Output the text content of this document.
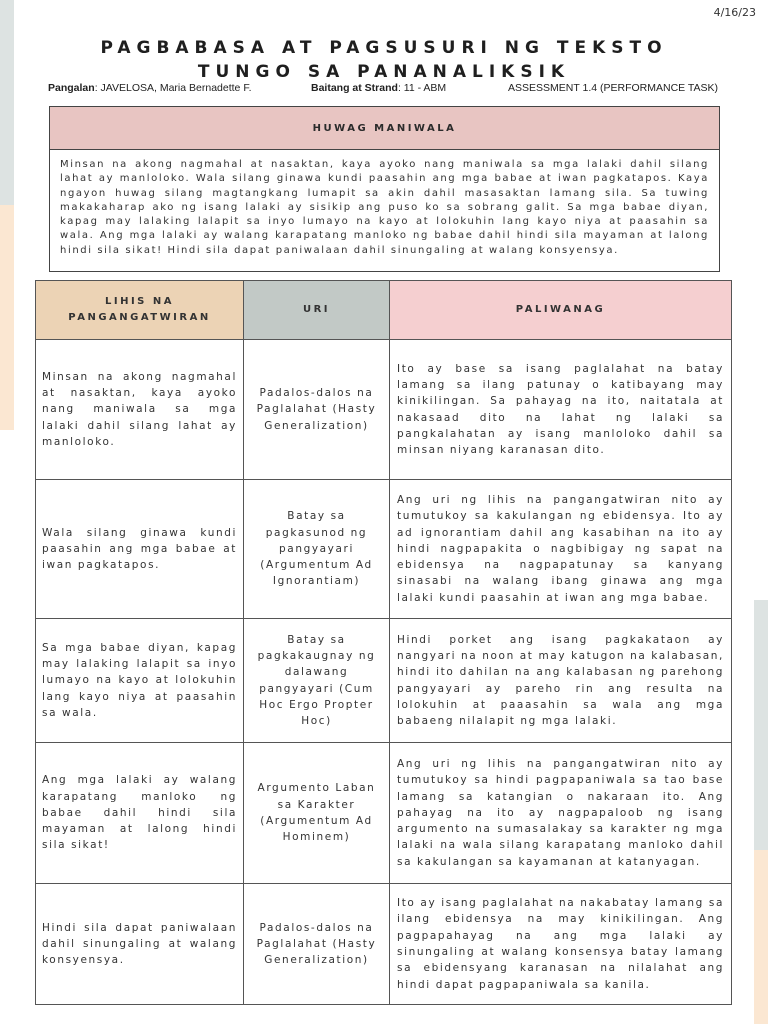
4/16/23
PAGBABASA AT PAGSUSURI NG TEKSTO
TUNGO SA PANANALIKSIK
Pangalan: JAVELOSA, Maria Bernadette F.	Baitang at Strand: 11 - ABM	ASSESSMENT 1.4 (PERFORMANCE TASK)
HUWAG MANIWALA
Minsan na akong nagmahal at nasaktan, kaya ayoko nang maniwala sa mga lalaki dahil silang lahat ay manloloko. Wala silang ginawa kundi paasahin ang mga babae at iwan pagkatapos. Kaya ngayon huwag silang magtangkang lumapit sa akin dahil masasaktan lamang sila. Sa tuwing makakaharap ako ng isang lalaki ay sisikip ang puso ko sa sobrang galit. Sa mga babae diyan, kapag may lalaking lalapit sa inyo lumayo na kayo at lolokuhin lang kayo niya at paasahin sa wala. Ang mga lalaki ay walang karapatang manloko ng babae dahil hindi sila mayaman at lalong hindi sila sikat! Hindi sila dapat paniwalaan dahil sinungaling at walang konsyensya.
LIHIS NA PANGANGATWIRAN	URI	PALIWANAG
Minsan na akong nagmahal at nasaktan, kaya ayoko nang maniwala sa mga lalaki dahil silang lahat ay manloloko.	Padalos-dalos na Paglalahat (Hasty Generalization)	Ito ay base sa isang paglalahat na batay lamang sa ilang patunay o katibayang may kinikilingan. Sa pahayag na ito, naitatala at nakasaad dito na lahat ng lalaki sa pangkalahatan ay isang manloloko dahil sa minsan niyang karanasan dito.
Wala silang ginawa kundi paasahin ang mga babae at iwan pagkatapos.	Batay sa pagkasunod ng pangyayari (Argumentum Ad Ignorantiam)	Ang uri ng lihis na pangangatwiran nito ay tumutukoy sa kakulangan ng ebidensya. Ito ay ad ignorantiam dahil ang kasabihan na ito ay hindi nagpapakita o nagbibigay ng sapat na ebidensya na nagpapatunay sa kanyang sinasabi na walang ibang ginawa ang mga lalaki kundi paasahin at iwan ang mga babae.
Sa mga babae diyan, kapag may lalaking lalapit sa inyo lumayo na kayo at lolokuhin lang kayo niya at paasahin sa wala.	Batay sa pagkakaugnay ng dalawang pangyayari (Cum Hoc Ergo Propter Hoc)	Hindi porket ang isang pagkakataon ay nangyari na noon at may katugon na kalabasan, hindi ito dahilan na ang kalabasan ng parehong pangyayari ay pareho rin ang resulta na lolokuhin at paaasahin sa wala ang mga babaeng nilalapit ng mga lalaki.
Ang mga lalaki ay walang karapatang manloko ng babae dahil hindi sila mayaman at lalong hindi sila sikat!	Argumento Laban sa Karakter (Argumentum Ad Hominem)	Ang uri ng lihis na pangangatwiran nito ay tumutukoy sa hindi pagpapaniwala sa tao base lamang sa katangian o nakaraan ito. Ang pahayag na ito ay nagpapaloob ng isang argumento na sumasalakay sa karakter ng mga lalaki na wala silang karapatang manloko dahil sa kakulangan sa kayamanan at katanyagan.
Hindi sila dapat paniwalaan dahil sinungaling at walang konsyensya.	Padalos-dalos na Paglalahat (Hasty Generalization)	Ito ay isang paglalahat na nakabatay lamang sa ilang ebidensya na may kinikilingan. Ang pagpapahayag na ang mga lalaki ay sinungaling at walang konsensya batay lamang sa ebidensyang karanasan na nilalahat ang hindi dapat pagpapaniwala sa kanila.
